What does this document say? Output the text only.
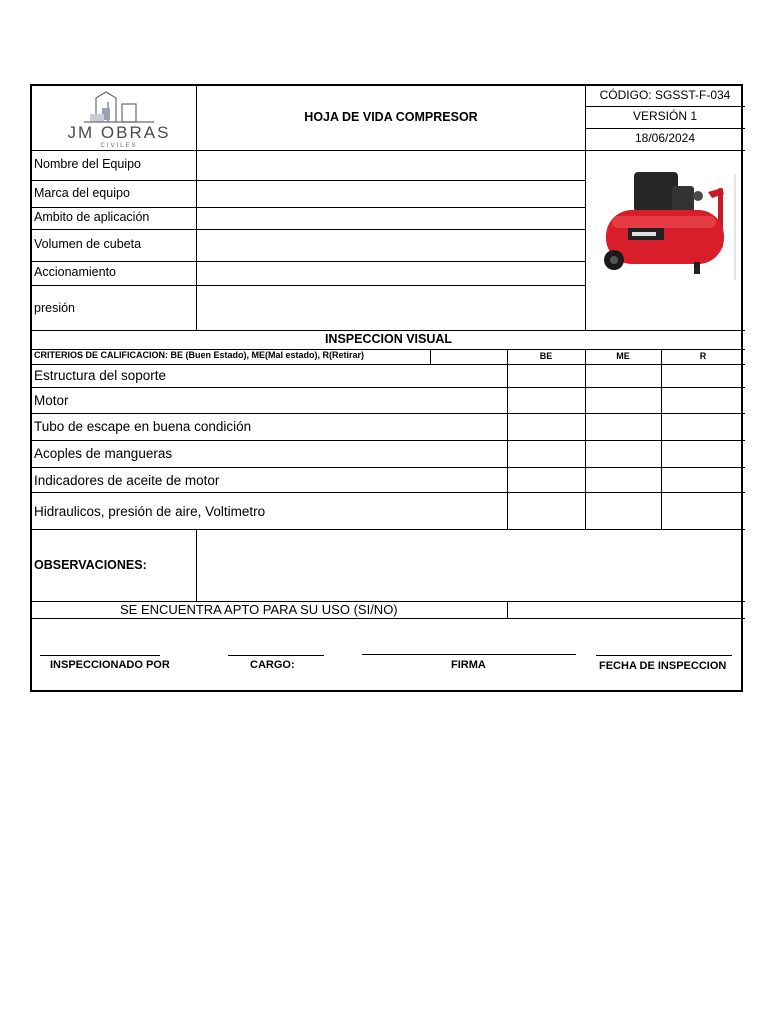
JM OBRAS
CIVILES
HOJA DE VIDA COMPRESOR
CÓDIGO: SGSST-F-034
VERSIÓN 1
18/06/2024
Nombre del Equipo
Marca del equipo
Ambito de aplicación
Volumen de cubeta
Accionamiento
presión
INSPECCION VISUAL
CRITERIOS DE CALIFICACION: BE (Buen Estado), ME(Mal estado), R(Retirar)	BE	ME	R
Estructura del soporte
Motor
Tubo de escape en buena condición
Acoples de mangueras
Indicadores de aceite de motor
Hidraulicos, presión de aire, Voltimetro
OBSERVACIONES:
SE ENCUENTRA APTO PARA SU USO (SI/NO)
INSPECCIONADO POR	CARGO:	FIRMA	FECHA DE INSPECCION
